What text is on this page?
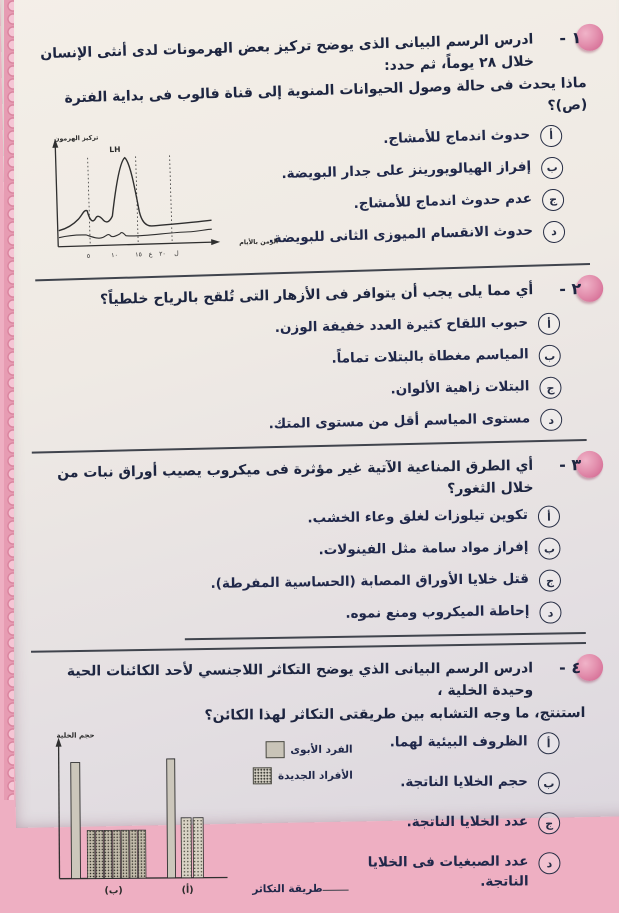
١ -

ادرس الرسم البيانى الذى يوضح تركيز بعض الهرمونات لدى أنثى الإنسان خلال ٢٨ يوماً، ثم حدد:

ماذا يحدث فى حالة وصول الحيوانات المنوية إلى قناة فالوب فى بداية الفترة (ص)؟

أ
حدوث اندماج للأمشاج.
ب
إفراز الهيالويورينز على جدار البويضة.
ج
عدم حدوث اندماج للأمشاج.
د
حدوث الانقسام الميوزى الثانى للبويضة.
تركيز الهرمون
الزمن بالأيام
LH
٥	١٠	١٥ ع ٢٠ ل
٢ -

أي مما يلى يجب أن يتوافر فى الأزهار التى تُلقح بالرياح خلطياً؟

أ
حبوب اللقاح كثيرة العدد خفيفة الوزن.
ب
المياسم مغطاة بالبتلات تماماً.
ج
البتلات زاهية الألوان.
د
مستوى المياسم أقل من مستوى المتك.
٣ -

أي الطرق المناعية الآتية غير مؤثرة فى ميكروب يصيب أوراق نبات من خلال الثغور؟

أ
تكوين تيلوزات لغلق وعاء الخشب.
ب
إفراز مواد سامة مثل الفينولات.
ج
قتل خلايا الأوراق المصابة (الحساسية المفرطة).
د
إحاطة الميكروب ومنع نموه.
٤ -

ادرس الرسم البيانى الذي يوضح التكاثر اللاجنسي لأحد الكائنات الحية وحيدة الخلية ،

استنتج، ما وجه التشابه بين طريقتى التكاثر لهذا الكائن؟

أ
الظروف البيئية لهما.
ب
حجم الخلايا الناتجة.
ج
عدد الخلايا الناتجة.
د
عدد الصبغيات فى الخلايا الناتجة.
الفرد الأبوى
الأفراد الجديدة
طريقة التكاثر
حجم الخلية
(ب)	(أ)
